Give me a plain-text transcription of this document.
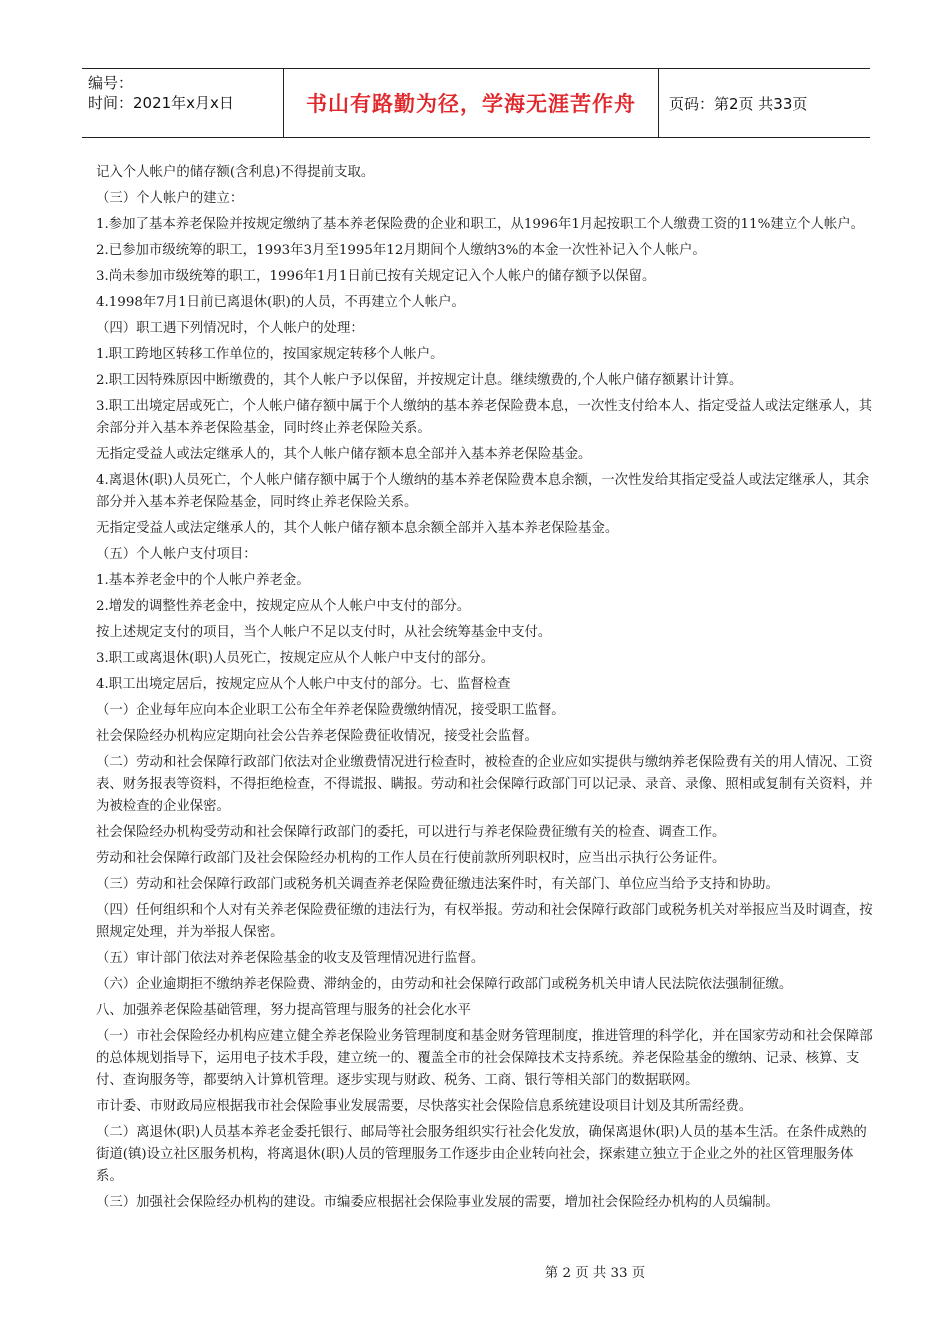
编号：
时间：2021年x月x日	书山有路勤为径，学海无涯苦作舟 页码：第2页 共33页

记入个人帐户的储存额(含利息)不得提前支取。

（三）个人帐户的建立：

1.参加了基本养老保险并按规定缴纳了基本养老保险费的企业和职工，从1996年1月起按职工个人缴费工资的11%建立个人帐户。

2.已参加市级统筹的职工，1993年3月至1995年12月期间个人缴纳3%的本金一次性补记入个人帐户。

3.尚未参加市级统筹的职工，1996年1月1日前已按有关规定记入个人帐户的储存额予以保留。

4.1998年7月1日前已离退休(职)的人员，不再建立个人帐户。

（四）职工遇下列情况时，个人帐户的处理：

1.职工跨地区转移工作单位的，按国家规定转移个人帐户。

2.职工因特殊原因中断缴费的，其个人帐户予以保留，并按规定计息。继续缴费的,个人帐户储存额累计计算。

3.职工出境定居或死亡，个人帐户储存额中属于个人缴纳的基本养老保险费本息，一次性支付给本人、指定受益人或法定继承人，其余部分并入基本养老保险基金，同时终止养老保险关系。

无指定受益人或法定继承人的，其个人帐户储存额本息全部并入基本养老保险基金。

4.离退休(职)人员死亡，个人帐户储存额中属于个人缴纳的基本养老保险费本息余额，一次性发给其指定受益人或法定继承人，其余部分并入基本养老保险基金，同时终止养老保险关系。

无指定受益人或法定继承人的，其个人帐户储存额本息余额全部并入基本养老保险基金。

（五）个人帐户支付项目：

1.基本养老金中的个人帐户养老金。

2.增发的调整性养老金中，按规定应从个人帐户中支付的部分。

按上述规定支付的项目，当个人帐户不足以支付时，从社会统筹基金中支付。

3.职工或离退休(职)人员死亡，按规定应从个人帐户中支付的部分。

4.职工出境定居后，按规定应从个人帐户中支付的部分。七、监督检查

（一）企业每年应向本企业职工公布全年养老保险费缴纳情况，接受职工监督。

社会保险经办机构应定期向社会公告养老保险费征收情况，接受社会监督。

（二）劳动和社会保障行政部门依法对企业缴费情况进行检查时，被检查的企业应如实提供与缴纳养老保险费有关的用人情况、工资表、财务报表等资料，不得拒绝检查，不得谎报、瞒报。劳动和社会保障行政部门可以记录、录音、录像、照相或复制有关资料，并为被检查的企业保密。

社会保险经办机构受劳动和社会保障行政部门的委托，可以进行与养老保险费征缴有关的检查、调查工作。

劳动和社会保障行政部门及社会保险经办机构的工作人员在行使前款所列职权时，应当出示执行公务证件。

（三）劳动和社会保障行政部门或税务机关调查养老保险费征缴违法案件时，有关部门、单位应当给予支持和协助。

（四）任何组织和个人对有关养老保险费征缴的违法行为，有权举报。劳动和社会保障行政部门或税务机关对举报应当及时调查，按照规定处理，并为举报人保密。

（五）审计部门依法对养老保险基金的收支及管理情况进行监督。

（六）企业逾期拒不缴纳养老保险费、滞纳金的，由劳动和社会保障行政部门或税务机关申请人民法院依法强制征缴。

八、加强养老保险基础管理，努力提高管理与服务的社会化水平

（一）市社会保险经办机构应建立健全养老保险业务管理制度和基金财务管理制度，推进管理的科学化，并在国家劳动和社会保障部的总体规划指导下，运用电子技术手段，建立统一的、覆盖全市的社会保障技术支持系统。养老保险基金的缴纳、记录、核算、支付、查询服务等，都要纳入计算机管理。逐步实现与财政、税务、工商、银行等相关部门的数据联网。

市计委、市财政局应根据我市社会保险事业发展需要，尽快落实社会保险信息系统建设项目计划及其所需经费。

（二）离退休(职)人员基本养老金委托银行、邮局等社会服务组织实行社会化发放，确保离退休(职)人员的基本生活。在条件成熟的街道(镇)设立社区服务机构，将离退休(职)人员的管理服务工作逐步由企业转向社会，探索建立独立于企业之外的社区管理服务体系。

（三）加强社会保险经办机构的建设。市编委应根据社会保险事业发展的需要，增加社会保险经办机构的人员编制。

第 2 页 共 33 页
